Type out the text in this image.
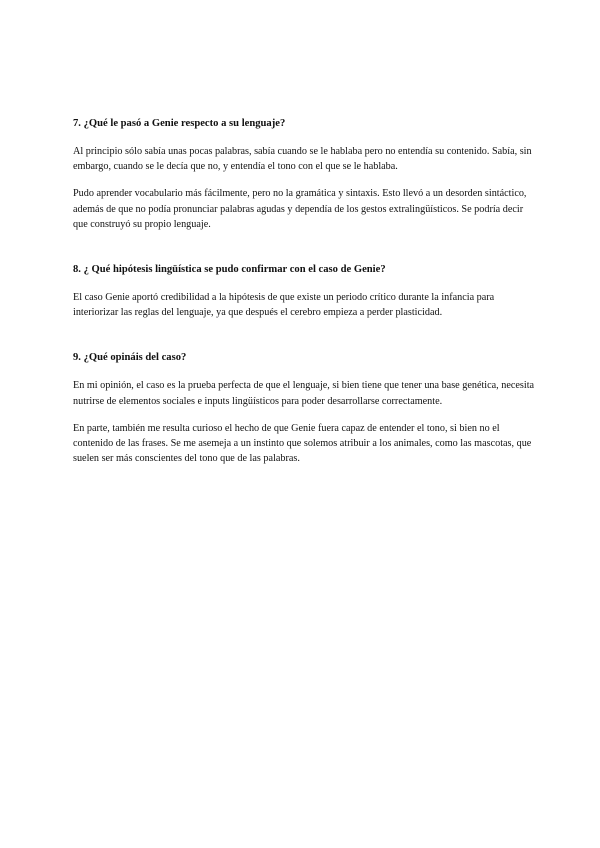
7. ¿Qué le pasó a Genie respecto a su lenguaje?

Al principio sólo sabía unas pocas palabras, sabía cuando se le hablaba pero no entendía su contenido. Sabía, sin embargo, cuando se le decía que no, y entendía el tono con el que se le hablaba.

Pudo aprender vocabulario más fácilmente, pero no la gramática y sintaxis. Esto llevó a un desorden sintáctico, además de que no podía pronunciar palabras agudas y dependía de los gestos extralingüísticos. Se podría decir que construyó su propio lenguaje.

8. ¿ Qué hipótesis lingüística se pudo confirmar con el caso de Genie?

El caso Genie aportó credibilidad a la hipótesis de que existe un periodo crítico durante la infancia para interiorizar las reglas del lenguaje, ya que después el cerebro empieza a perder plasticidad.

9. ¿Qué opináis del caso?

En mi opinión, el caso es la prueba perfecta de que el lenguaje, si bien tiene que tener una base genética, necesita nutrirse de elementos sociales e inputs lingüísticos para poder desarrollarse correctamente.

En parte, también me resulta curioso el hecho de que Genie fuera capaz de entender el tono, si bien no el contenido de las frases. Se me asemeja a un instinto que solemos atribuir a los animales, como las mascotas, que suelen ser más conscientes del tono que de las palabras.
